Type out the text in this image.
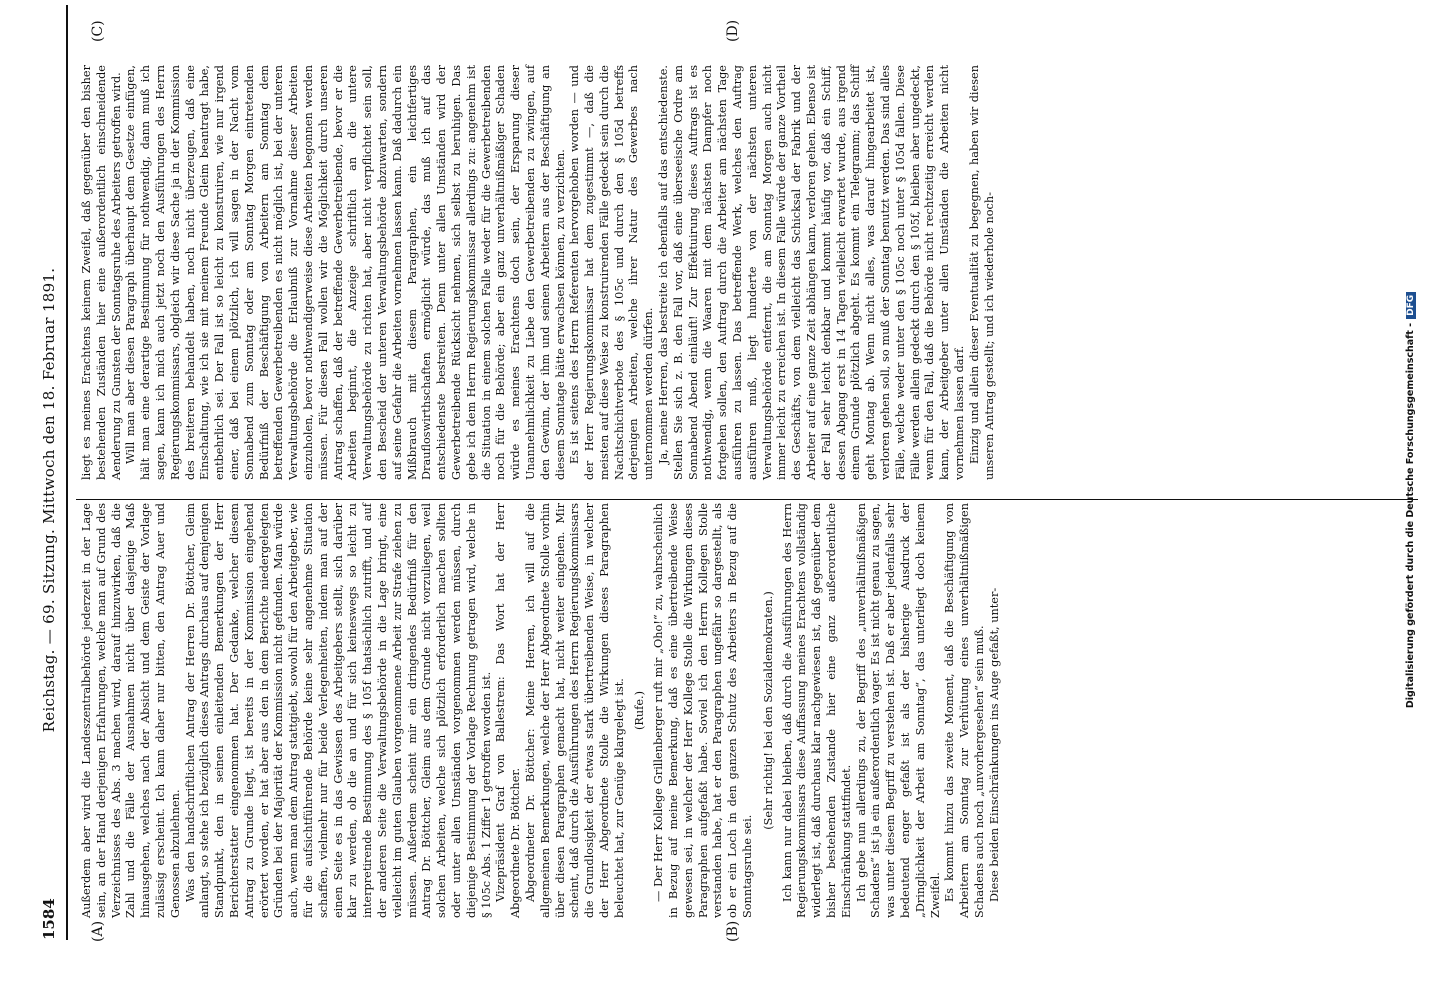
1584
Reichstag. — 69. Sitzung. Mittwoch den 18. Februar 1891.
(A)	(B)
(C)	(D)

Außerdem aber wird die Landeszentralbehörde jederzeit in der Lage sein, an der Hand derjenigen Erfahrungen, welche man auf Grund des Verzeichnisses des Abs. 3 machen wird, darauf hinzuwirken, daß die Zahl und die Fälle der Ausnahmen nicht über dasjenige Maß hinausgehen, welches nach der Absicht und dem Geiste der Vorlage zulässig erscheint. Ich kann daher nur bitten, den Antrag Auer und Genossen abzulehnen. Was den handschriftlichen Antrag der Herren Dr. Böttcher, Gleim anlangt, so stehe ich bezüglich dieses Antrags durchaus auf demjenigen Standpunkt, den in seinen einleitenden Bemerkungen der Herr Berichterstatter eingenommen hat. Der Gedanke, welcher diesem Antrag zu Grunde liegt, ist bereits in der Kommission eingehend erörtert worden, er hat aber aus den in dem Berichte niedergelegten Gründen bei der Majorität der Kommission nicht gefunden. Man würde auch, wenn man dem Antrag stattgiebt, sowohl für den Arbeitgeber, wie für die aufsichtführende Behörde keine sehr angenehme Situation schaffen, vielmehr nur für beide Verlegenheiten, indem man auf der einen Seite es in das Gewissen des Arbeitgebers stellt, sich darüber klar zu werden, ob die an und für sich keineswegs so leicht zu interpretirende Bestimmung des § 105f thatsächlich zutrifft, und auf der anderen Seite die Verwaltungsbehörde in die Lage bringt, eine vielleicht im guten Glauben vorgenommene Arbeit zur Strafe ziehen zu müssen. Außerdem scheint mir ein dringendes Bedürfniß für den Antrag Dr. Böttcher, Gleim aus dem Grunde nicht vorzuliegen, weil solchen Arbeiten, welche sich plötzlich erforderlich machen sollten oder unter allen Umständen vorgenommen werden müssen, durch diejenige Bestimmung der Vorlage Rechnung getragen wird, welche in § 105c Abs. 1 Ziffer 1 getroffen worden ist. Vizepräsident Graf von Ballestrem: Das Wort hat der Herr Abgeordnete Dr. Böttcher. Abgeordneter Dr. Böttcher: Meine Herren, ich will auf die allgemeinen Bemerkungen, welche der Herr Abgeordnete Stolle vorhin über diesen Paragraphen gemacht hat, nicht weiter eingehen. Mir scheint, daß durch die Ausführungen des Herrn Regierungskommissars die Grundlosigkeit der etwas stark übertreibenden Weise, in welcher der Herr Abgeordnete Stolle die Wirkungen dieses Paragraphen beleuchtet hat, zur Genüge klargelegt ist. (Rufe.) — Der Herr Kollege Grillenberger ruft mir „Oho!“ zu, wahrscheinlich in Bezug auf meine Bemerkung, daß es eine übertreibende Weise gewesen sei, in welcher der Herr Kollege Stolle die Wirkungen dieses Paragraphen aufgefaßt habe. Soviel ich den Herrn Kollegen Stolle verstanden habe, hat er den Paragraphen ungefähr so dargestellt, als ob er ein Loch in den ganzen Schutz des Arbeiters in Bezug auf die Sonntagsruhe sei.

(Sehr richtig! bei den Sozialdemokraten.) Ich kann nur dabei bleiben, daß durch die Ausführungen des Herrn Regierungskommissars diese Auffassung meines Erachtens vollständig widerlegt ist, daß durchaus klar nachgewiesen ist, daß gegenüber dem bisher bestehenden Zustande hier eine ganz außerordentliche Einschränkung stattfindet. Ich gebe nun allerdings zu, der Begriff des „unverhältnißmäßigen Schadens“ ist ja ein außerordentlich vager. Es ist nicht genau zu sagen, was unter diesem Begriff zu verstehen ist. Daß er aber jedenfalls sehr bedeutend enger gefaßt ist als der bisherige Ausdruck der „Dringlichkeit der Arbeit am Sonntag“, das unterliegt doch keinem Zweifel. Es kommt hinzu das zweite Moment, daß die Beschäftigung von Arbeitern am Sonntag zur Verhütung eines unverhältnißmäßigen Schadens auch noch „unvorhergesehen“ sein muß. Diese beiden Einschränkungen ins Auge gefaßt, unter-

liegt es meines Erachtens keinem Zweifel, daß gegenüber den bisher bestehenden Zuständen hier eine außerordentlich einschneidende Aenderung zu Gunsten der Sonntagsruhe des Arbeiters getroffen wird. Will man aber diesen Paragraph überhaupt dem Gesetze einfügen, hält man eine derartige Bestimmung für nothwendig, dann muß ich sagen, kann ich mich auch jetzt noch den Ausführungen des Herrn Regierungskommissars, obgleich wir diese Sache ja in der Kommission des breiteren behandelt haben, noch nicht überzeugen, daß eine Einschaltung, wie ich sie mit meinem Freunde Gleim beantragt habe, entbehrlich sei. Der Fall ist so leicht zu konstruiren, wie nur irgend einer, daß bei einem plötzlich, ich will sagen in der Nacht vom Sonnabend zum Sonntag oder am Sonntag Morgen eintretenden Bedürfniß der Beschäftigung von Arbeitern am Sonntag dem betreffenden Gewerbetreibenden es nicht möglich ist, bei der unteren Verwaltungsbehörde die Erlaubniß zur Vornahme dieser Arbeiten einzuholen, bevor nothwendigerweise diese Arbeiten begonnen werden müssen. Für diesen Fall wollen wir die Möglichkeit durch unseren Antrag schaffen, daß der betreffende Gewerbetreibende, bevor er die Arbeiten beginnt, die Anzeige schriftlich an die untere Verwaltungsbehörde zu richten hat, aber nicht verpflichtet sein soll, den Bescheid der unteren Verwaltungsbehörde abzuwarten, sondern auf seine Gefahr die Arbeiten vornehmen lassen kann. Daß dadurch ein Mißbrauch mit diesem Paragraphen, ein leichtfertiges Draufloswirthschaften ermöglicht würde, das muß ich auf das entschiedenste bestreiten. Denn unter allen Umständen wird der Gewerbetreibende Rücksicht nehmen, sich selbst zu beruhigen. Das gebe ich dem Herrn Regierungskommissar allerdings zu: angenehm ist die Situation in einem solchen Falle weder für die Gewerbetreibenden noch für die Behörde; aber ein ganz unverhältnißmäßiger Schaden würde es meines Erachtens doch sein, der Ersparung dieser Unannehmlichkeit zu Liebe den Gewerbetreibenden zu zwingen, auf den Gewinn, der ihm und seinen Arbeitern aus der Beschäftigung an diesem Sonntage hätte erwachsen können, zu verzichten. Es ist seitens des Herrn Referenten hervorgehoben worden — und der Herr Regierungskommissar hat dem zugestimmt —, daß die meisten auf diese Weise zu konstruirenden Fälle gedeckt sein durch die Nachtschichtverbote des § 105c und durch den § 105d betreffs derjenigen Arbeiten, welche ihrer Natur des Gewerbes nach unternommen werden dürfen. Ja, meine Herren, das bestreite ich ebenfalls auf das entschiedenste. Stellen Sie sich z. B. den Fall vor, daß eine überseeische Ordre am Sonnabend Abend einläuft! Zur Effektuirung dieses Auftrags ist es nothwendig, wenn die Waaren mit dem nächsten Dampfer noch fortgehen sollen, den Auftrag durch die Arbeiter am nächsten Tage ausführen zu lassen. Das betreffende Werk, welches den Auftrag ausführen muß, liegt hunderte von der nächsten unteren Verwaltungsbehörde entfernt, die am Sonntag Morgen auch nicht immer leicht zu erreichen ist. In diesem Falle würde der ganze Vortheil des Geschäfts, von dem vielleicht das Schicksal der Fabrik und der Arbeiter auf eine ganze Zeit abhängen kann, verloren gehen. Ebenso ist der Fall sehr leicht denkbar und kommt häufig vor, daß ein Schiff, dessen Abgang erst in 14 Tagen vielleicht erwartet wurde, aus irgend einem Grunde plötzlich abgeht. Es kommt ein Telegramm; das Schiff geht Montag ab. Wenn nicht alles, was darauf hingearbeitet ist, verloren gehen soll, so muß der Sonntag benutzt werden. Das sind alles Fälle, welche weder unter den § 105c noch unter § 105d fallen. Diese Fälle werden allein gedeckt durch den § 105f, bleiben aber ungedeckt, wenn für den Fall, daß die Behörde nicht rechtzeitig erreicht werden kann, der Arbeitgeber unter allen Umständen die Arbeiten nicht vornehmen lassen darf. Einzig und allein dieser Eventualität zu begegnen, haben wir diesen unseren Antrag gestellt; und ich wiederhole noch-	Digitalisierung gefördert durch die Deutsche Forschungsgemeinschaft -DFG
